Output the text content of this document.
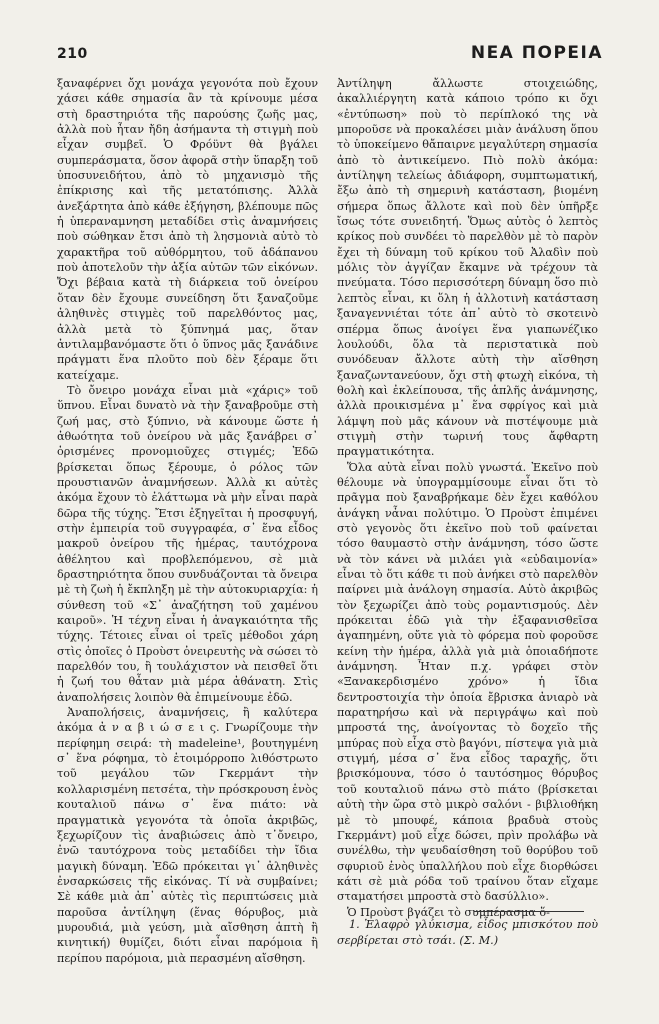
210	ΝΕΑ ΠΟΡΕΙΑ

ξαναφέρνει ὄχι μονάχα γεγονότα ποὺ ἔχουν χάσει κάθε σημασία ἂν τὰ κρίνουμε μέσα στὴ δραστηριότα τῆς παρούσης ζωῆς μας, ἀλλὰ ποὺ ἦταν ἤδη ἀσήμαντα τὴ στιγμὴ ποὺ εἶχαν συμβεῖ. Ὁ Φρόϋντ θὰ βγάλει συμπεράσματα, ὅσον ἀφορᾶ στὴν ὕπαρξη τοῦ ὑποσυνειδήτου, ἀπὸ τὸ μηχανισμὸ τῆς ἐπίκρισης καὶ τῆς μετατόπισης. Ἀλλὰ ἀνεξάρτητα ἀπὸ κάθε ἐξήγηση, βλέπουμε πῶς ἡ ὑπεραναμνηση μεταδίδει στὶς ἀναμνήσεις ποὺ σώθηκαν ἔτσι ἀπὸ τὴ λησμονιὰ αὐτὸ τὸ χαρακτῆρα τοῦ αὐθόρμητου, τοῦ ἀδάπανου ποὺ ἀποτελοῦν τὴν ἀξία αὐτῶν τῶν εἰκόνων. Ὄχι βέβαια κατὰ τὴ διάρκεια τοῦ ὀνείρου ὅταν δὲν ἔχουμε συνείδηση ὅτι ξαναζοῦμε ἀληθινὲς στιγμὲς τοῦ παρελθόντος μας, ἀλλὰ μετὰ τὸ ξύπνημά μας, ὅταν ἀντιλαμβανόμαστε ὅτι ὁ ὕπνος μᾶς ξανάδινε πράγματι ἕνα πλοῦτο ποὺ δὲν ξέραμε ὅτι κατείχαμε.

Τὸ ὄνειρο μονάχα εἶναι μιὰ «χάρις» τοῦ ὕπνου. Εἶναι δυνατὸ νὰ τὴν ξαναβροῦμε στὴ ζωή μας, στὸ ξύπνιο, νὰ κάνουμε ὥστε ἡ ἀθωότητα τοῦ ὀνείρου νὰ μᾶς ξανάβρει σ᾽ ὁρισμένες προνομιοῦχες στιγμές; Ἐδῶ βρίσκεται ὅπως ξέρουμε, ὁ ρόλος τῶν προυστιανῶν ἀναμνήσεων. Ἀλλὰ κι αὐτὲς ἀκόμα ἔχουν τὸ ἐλάττωμα νὰ μὴν εἶναι παρὰ δῶρα τῆς τύχης. Ἔτσι ἐξηγεῖται ἡ προσφυγή, στὴν ἐμπειρία τοῦ συγγραφέα, σ᾽ ἕνα εἶδος μακροῦ ὀνείρου τῆς ἡμέρας, ταυτόχρονα ἀθέλητου καὶ προβλεπόμενου, σὲ μιὰ δραστηριότητα ὅπου συνδυάζονται τὰ ὄνειρα μὲ τὴ ζωὴ ἡ ἔκπληξη μὲ τὴν αὐτοκυριαρχία: ἡ σύνθεση τοῦ «Σ᾽ ἀναζήτηση τοῦ χαμένου καιροῦ». Ἡ τέχνη εἶναι ἡ ἀναγκαιότητα τῆς τύχης. Τέτοιες εἶναι οἱ τρεῖς μέθοδοι χάρη στὶς ὁποῖες ὁ Προὺστ ὀνειρευτὴς νὰ σώσει τὸ παρελθόν του, ἢ τουλάχιστον νὰ πεισθεῖ ὅτι ἡ ζωή του θἆταν μιὰ μέρα ἀθάνατη. Στὶς ἀναπολήσεις λοιπὸν θὰ ἐπιμείνουμε ἐδῶ.

Ἀναπολήσεις, ἀναμνήσεις, ἢ καλύτερα ἀκόμα ἀ ν α β ι ώ σ ε ι ς. Γνωρίζουμε τὴν περίφημη σειρά: τὴ madeleine¹, βουτηγμένη σ᾽ ἕνα ρόφημα, τὸ ἑτοιμόρροπο λιθόστρωτο τοῦ μεγάλου τῶν Γκερμάντ τὴν κολλαρισμένη πετσέτα, τὴν πρόσκρουση ἑνὸς κουταλιοῦ πάνω σ᾽ ἕνα πιάτο: νὰ πραγματικὰ γεγονότα τὰ ὁποῖα ἀκριβῶς, ξεχωρίζουν τὶς ἀναβιώσεις ἀπὸ τ᾽ὄνειρο, ἐνῶ ταυτόχρονα τοὺς μεταδίδει τὴν ἴδια μαγικὴ δύναμη. Ἐδῶ πρόκειται γι᾽ ἀληθινὲς ἐνσαρκώσεις τῆς εἰκόνας. Τί νὰ συμβαίνει; Σὲ κάθε μιὰ ἀπ᾽ αὐτὲς τὶς περιπτώσεις μιὰ παροῦσα ἀντίληψη (ἕνας θόρυβος, μιὰ μυρουδιά, μιὰ γεύση, μιὰ αἴσθηση ἁπτὴ ἢ κινητική) θυμίζει, διότι εἶναι παρόμοια ἢ περίπου παρόμοια, μιὰ περασμένη αἴσθηση.

Ἀντίληψη ἄλλωστε στοιχειώδης, ἀκαλλιέργητη κατὰ κάποιο τρόπο κι ὄχι «ἐντύπωση» ποὺ τὸ περίπλοκό της νὰ μποροῦσε νὰ προκαλέσει μιὰν ἀνάλυση ὅπου τὸ ὑποκείμενο θἄπαιρνε μεγαλύτερη σημασία ἀπὸ τὸ ἀντικείμενο. Πιὸ πολὺ ἀκόμα: ἀντίληψη τελείως ἀδιάφορη, συμπτωματική, ἔξω ἀπὸ τὴ σημερινὴ κατάσταση, βιομένη σήμερα ὅπως ἄλλοτε καὶ ποὺ δὲν ὑπῆρξε ἴσως τότε συνειδητή. Ὅμως αὐτὸς ὁ λεπτὸς κρίκος ποὺ συνδέει τὸ παρελθὸν μὲ τὸ παρὸν ἔχει τὴ δύναμη τοῦ κρίκου τοῦ Ἀλαδὶν ποὺ μόλις τὸν ἀγγίζαν ἔκαμνε νὰ τρέχουν τὰ πνεύματα. Τόσο περισσότερη δύναμη ὅσο πιὸ λεπτὸς εἶναι, κι ὅλη ἡ ἀλλοτινὴ κατάσταση ξαναγεννιέται τότε ἀπ᾽ αὐτὸ τὸ σκοτεινὸ σπέρμα ὅπως ἀνοίγει ἕνα γιαπωνέζικο λουλούδι, ὅλα τὰ περιστατικὰ ποὺ συνόδευαν ἄλλοτε αὐτὴ τὴν αἴσθηση ξαναζωντανεύουν, ὄχι στὴ φτωχὴ εἰκόνα, τὴ θολὴ καὶ ἐκλείπουσα, τῆς ἁπλῆς ἀνάμνησης, ἀλλὰ προικισμένα μ᾽ ἕνα σφρίγος καὶ μιὰ λάμψη ποὺ μᾶς κάνουν νὰ πιστέψουμε μιὰ στιγμὴ στὴν τωρινή τους ἄφθαρτη πραγματικότητα.

Ὅλα αὐτὰ εἶναι πολὺ γνωστά. Ἐκεῖνο ποὺ θέλουμε νὰ ὑπογραμμίσουμε εἶναι ὅτι τὸ πρᾶγμα ποὺ ξαναβρήκαμε δὲν ἔχει καθόλου ἀνάγκη νἆναι πολύτιμο. Ὁ Προὺστ ἐπιμένει στὸ γεγονὸς ὅτι ἐκεῖνο ποὺ τοῦ φαίνεται τόσο θαυμαστὸ στὴν ἀνάμνηση, τόσο ὥστε νὰ τὸν κάνει νὰ μιλάει γιὰ «εὐδαιμονία» εἶναι τὸ ὅτι κάθε τι ποὺ ἀνήκει στὸ παρελθὸν παίρνει μιὰ ἀνάλογη σημασία. Αὐτὸ ἀκριβῶς τὸν ξεχωρίζει ἀπὸ τοὺς ρομαντισμούς. Δὲν πρόκειται ἐδῶ γιὰ τὴν ἐξαφανισθεῖσα ἀγαπημένη, οὔτε γιὰ τὸ φόρεμα ποὺ φοροῦσε κείνη τὴν ἡμέρα, ἀλλὰ γιὰ μιὰ ὁποιαδήποτε ἀνάμνηση. Ἦταν π.χ. γράφει στὸν «Ξανακερδισμένο χρόνο» ἡ ἴδια δεντροστοιχία τὴν ὁποία ἔβρισκα ἀνιαρὸ νὰ παρατηρήσω καὶ νὰ περιγράψω καὶ ποὺ μπροστά της, ἀνοίγοντας τὸ δοχεῖο τῆς μπύρας ποὺ εἶχα στὸ βαγόνι, πίστεψα γιὰ μιὰ στιγμή, μέσα σ᾽ ἕνα εἶδος ταραχῆς, ὅτι βρισκόμουνα, τόσο ὁ ταυτόσημος θόρυβος τοῦ κουταλιοῦ πάνω στὸ πιάτο (βρίσκεται αὐτὴ τὴν ὥρα στὸ μικρὸ σαλόνι - βιβλιοθήκη μὲ τὸ μπουφέ, κάποια βραδυὰ στοὺς Γκερμάντ) μοῦ εἶχε δώσει, πρὶν προλάβω νὰ συνέλθω, τὴν ψευδαίσθηση τοῦ θορύβου τοῦ σφυριοῦ ἑνὸς ὑπαλλήλου ποὺ εἶχε διορθώσει κάτι σὲ μιὰ ρόδα τοῦ τραίνου ὅταν εἴχαμε σταματήσει μπροστὰ στὸ δασύλλιο».

Ὁ Προὺστ βγάζει τὸ συμπέρασμα ὅ-

1. Ἐλαφρὸ γλύκισμα, εἶδος μπισκότου ποὺ σερβίρεται στὸ τσάι. (Σ. Μ.)
